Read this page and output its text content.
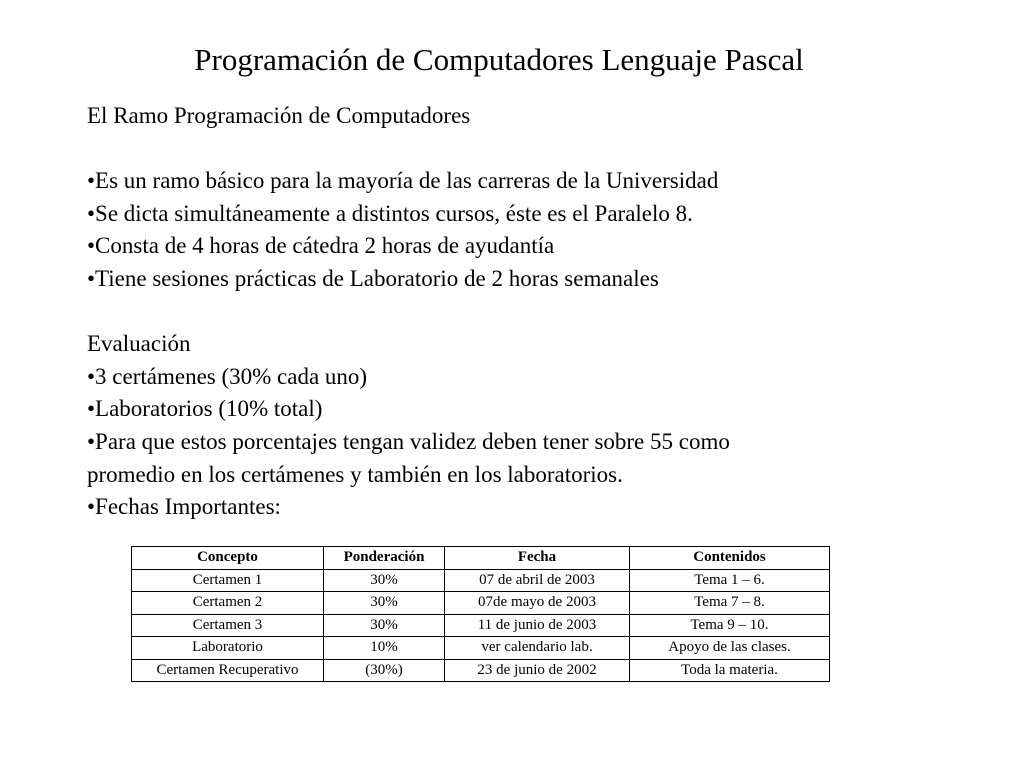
Programación de Computadores Lenguaje Pascal
El Ramo Programación de Computadores
•Es un ramo básico para la mayoría de las carreras de la Universidad
•Se dicta simultáneamente a distintos cursos, éste es el Paralelo 8.
•Consta de 4 horas de cátedra 2 horas de ayudantía
•Tiene sesiones prácticas de Laboratorio de 2 horas semanales
Evaluación
•3 certámenes (30% cada uno)
•Laboratorios (10% total)
•Para que estos porcentajes tengan validez deben tener sobre 55 como
promedio en los certámenes y también en los laboratorios.
•Fechas Importantes:
Concepto	Ponderación	Fecha	Contenidos
Certamen 1	30%	07 de abril de 2003	Tema 1 – 6.
Certamen 2	30%	07de mayo de 2003	Tema 7 – 8.
Certamen 3	30%	11 de junio de 2003	Tema 9 – 10.
Laboratorio	10%	ver calendario lab.	Apoyo de las clases.
Certamen Recuperativo	(30%)	23 de junio de 2002	Toda la materia.
